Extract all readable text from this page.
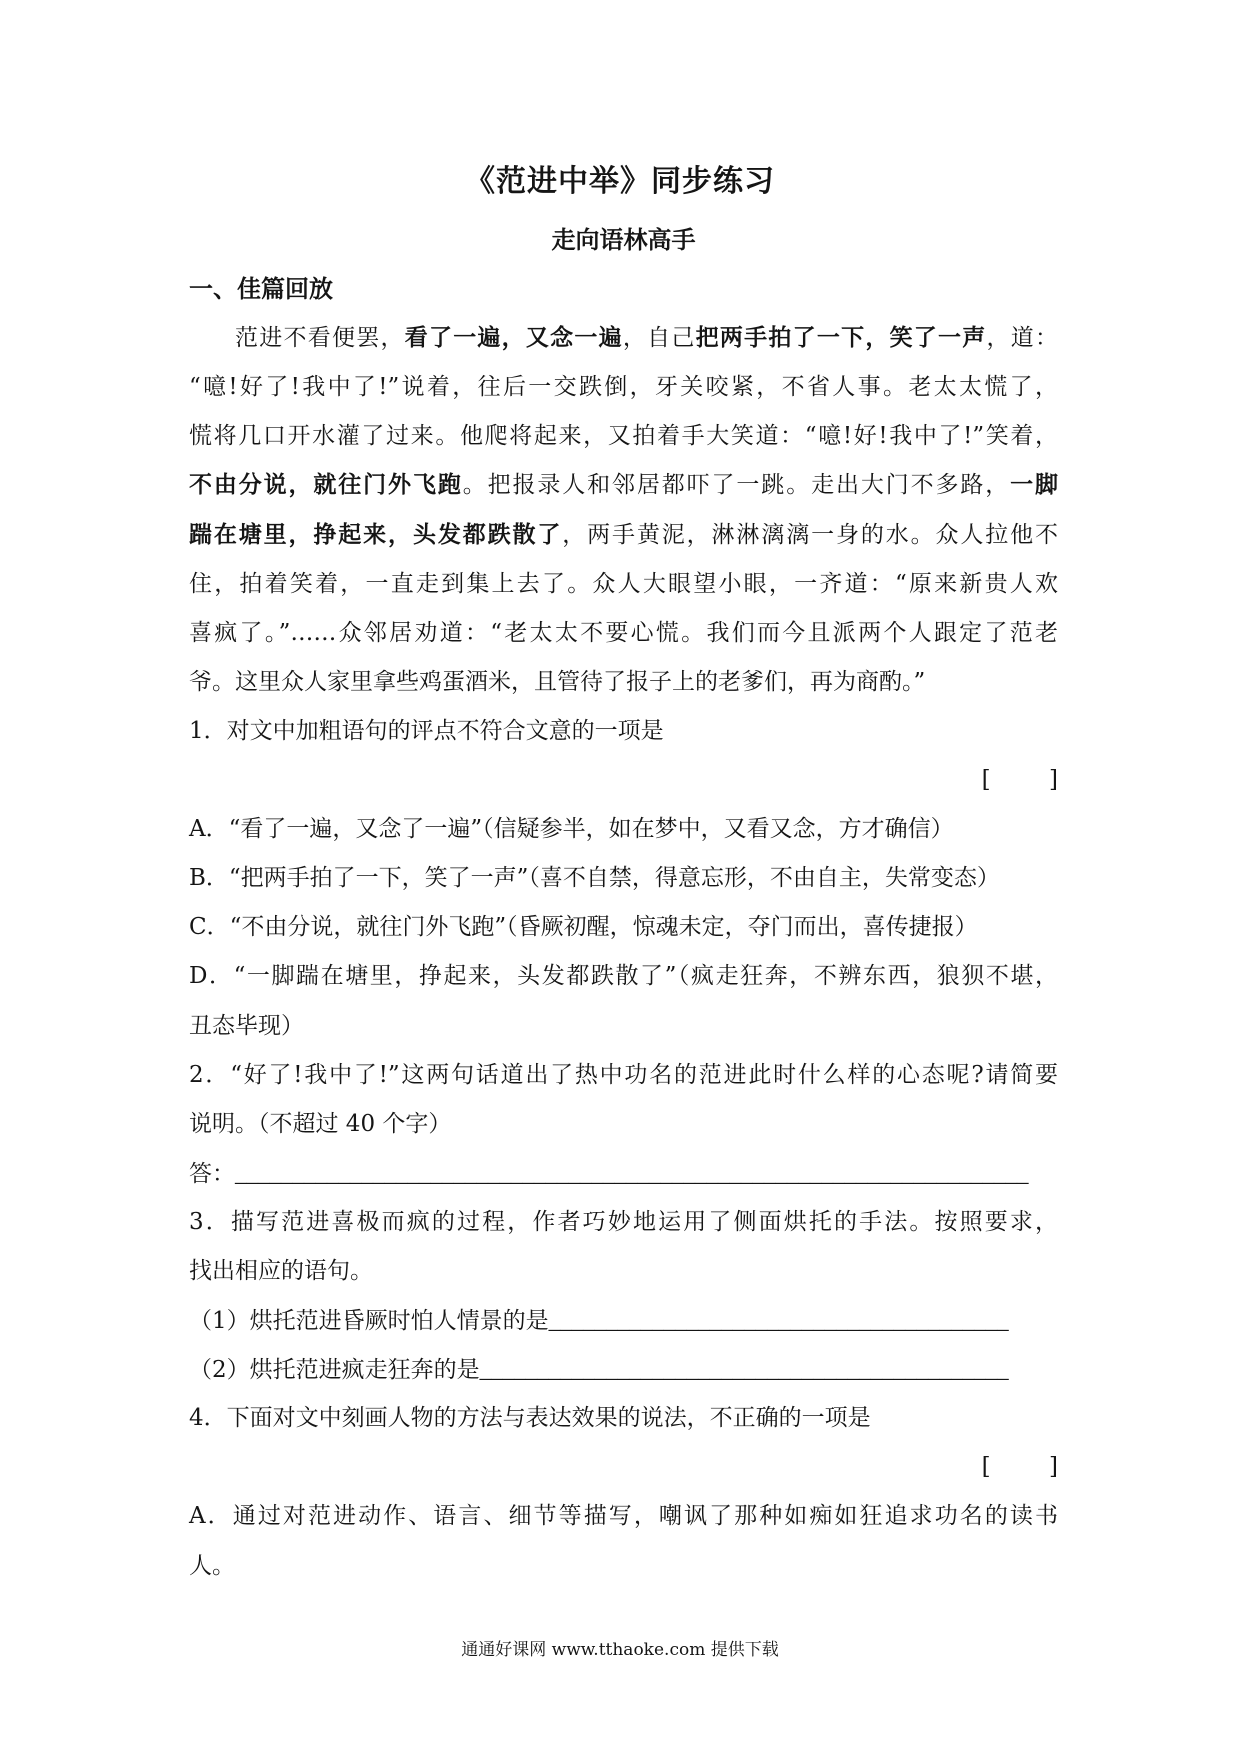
《范进中举》同步练习
走向语林高手
一、佳篇回放
范进不看便罢，看了一遍，又念一遍，自己把两手拍了一下，笑了一声，道：
“噫!好了!我中了!”说着，往后一交跌倒，牙关咬紧，不省人事。老太太慌了，
慌将几口开水灌了过来。他爬将起来，又拍着手大笑道：“噫!好!我中了!”笑着，
不由分说，就往门外飞跑。把报录人和邻居都吓了一跳。走出大门不多路，一脚
踹在塘里，挣起来，头发都跌散了，两手黄泥，淋淋漓漓一身的水。众人拉他不
住，拍着笑着，一直走到集上去了。众人大眼望小眼，一齐道：“原来新贵人欢
喜疯了。”……众邻居劝道：“老太太不要心慌。我们而今且派两个人跟定了范老
爷。这里众人家里拿些鸡蛋酒米，且管待了报子上的老爹们，再为商酌。”
1．对文中加粗语句的评点不符合文意的一项是
[        ]
A．“看了一遍，又念了一遍”（信疑参半，如在梦中，又看又念，方才确信）
B．“把两手拍了一下，笑了一声”（喜不自禁，得意忘形，不由自主，失常变态）
C．“不由分说，就往门外飞跑”（昏厥初醒，惊魂未定，夺门而出，喜传捷报）
D．“一脚踹在塘里，挣起来，头发都跌散了”（疯走狂奔，不辨东西，狼狈不堪，
丑态毕现）
2．“好了!我中了!”这两句话道出了热中功名的范进此时什么样的心态呢?请简要
说明。（不超过 40 个字）
答：_____________________________________________________________________
3．描写范进喜极而疯的过程，作者巧妙地运用了侧面烘托的手法。按照要求，
找出相应的语句。
（1）烘托范进昏厥时怕人情景的是________________________________________
（2）烘托范进疯走狂奔的是______________________________________________
4．下面对文中刻画人物的方法与表达效果的说法，不正确的一项是
[        ]
A．通过对范进动作、语言、细节等描写，嘲讽了那种如痴如狂追求功名的读书
人。
通通好课网 www.tthaoke.com 提供下载
